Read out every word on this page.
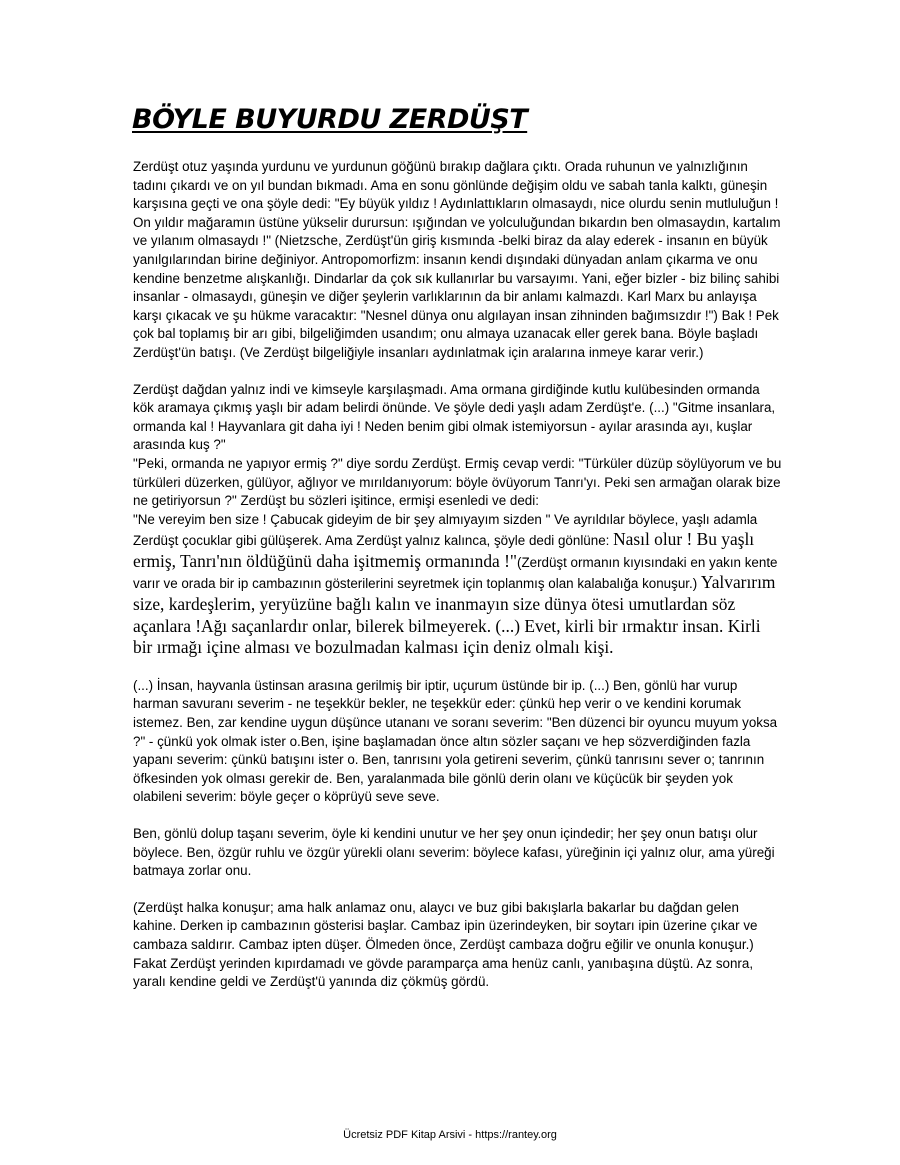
BÖYLE BUYURDU ZERDÜŞT

Zerdüşt otuz yaşında yurdunu ve yurdunun göğünü bırakıp dağlara çıktı. Orada ruhunun ve yalnızlığının tadını çıkardı ve on yıl bundan bıkmadı. Ama en sonu gönlünde değişim oldu ve sabah tanla kalktı, güneşin karşısına geçti ve ona şöyle dedi: "Ey büyük yıldız ! Aydınlattıkların olmasaydı, nice olurdu senin mutluluğun ! On yıldır mağaramın üstüne yükselir durursun: ışığından ve yolculuğundan bıkardın ben olmasaydın, kartalım ve yılanım olmasaydı !" (Nietzsche, Zerdüşt'ün giriş kısmında -belki biraz da alay ederek - insanın en büyük yanılgılarından birine değiniyor. Antropomorfizm: insanın kendi dışındaki dünyadan anlam çıkarma ve onu kendine benzetme alışkanlığı. Dindarlar da çok sık kullanırlar bu varsayımı. Yani, eğer bizler - biz bilinç sahibi insanlar - olmasaydı, güneşin ve diğer şeylerin varlıklarının da bir anlamı kalmazdı. Karl Marx bu anlayışa karşı çıkacak ve şu hükme varacaktır: "Nesnel dünya onu algılayan insan zihninden bağımsızdır !") Bak ! Pek çok bal toplamış bir arı gibi, bilgeliğimden usandım; onu almaya uzanacak eller gerek bana. Böyle başladı Zerdüşt'ün batışı. (Ve Zerdüşt bilgeliğiyle insanları aydınlatmak için aralarına inmeye karar verir.)

Zerdüşt dağdan yalnız indi ve kimseyle karşılaşmadı. Ama ormana girdiğinde kutlu kulübesinden ormanda kök aramaya çıkmış yaşlı bir adam belirdi önünde. Ve şöyle dedi yaşlı adam Zerdüşt'e. (...) "Gitme insanlara, ormanda kal ! Hayvanlara git daha iyi ! Neden benim gibi olmak istemiyorsun - ayılar arasında ayı, kuşlar arasında kuş ?"

"Peki, ormanda ne yapıyor ermiş ?" diye sordu Zerdüşt. Ermiş cevap verdi: "Türküler düzüp söylüyorum ve bu türküleri düzerken, gülüyor, ağlıyor ve mırıldanıyorum: böyle övüyorum Tanrı'yı. Peki sen armağan olarak bize ne getiriyorsun ?" Zerdüşt bu sözleri işitince, ermişi esenledi ve dedi:

"Ne vereyim ben size ! Çabucak gideyim de bir şey almıyayım sizden " Ve ayrıldılar böylece, yaşlı adamla Zerdüşt çocuklar gibi gülüşerek. Ama Zerdüşt yalnız kalınca, şöyle dedi gönlüne: Nasıl olur ! Bu yaşlı ermiş, Tanrı'nın öldüğünü daha işitmemiş ormanında !"(Zerdüşt ormanın kıyısındaki en yakın kente varır ve orada bir ip cambazının gösterilerini seyretmek için toplanmış olan kalabalığa konuşur.) Yalvarırım size, kardeşlerim, yeryüzüne bağlı kalın ve inanmayın size dünya ötesi umutlardan söz açanlara !Ağı saçanlardır onlar, bilerek bilmeyerek. (...) Evet, kirli bir ırmaktır insan. Kirli bir ırmağı içine alması ve bozulmadan kalması için deniz olmalı kişi.

(...) İnsan, hayvanla üstinsan arasına gerilmiş bir iptir, uçurum üstünde bir ip. (...) Ben, gönlü har vurup harman savuranı severim - ne teşekkür bekler, ne teşekkür eder: çünkü hep verir o ve kendini korumak istemez. Ben, zar kendine uygun düşünce utananı ve soranı severim: "Ben düzenci bir oyuncu muyum yoksa ?" - çünkü yok olmak ister o.Ben, işine başlamadan önce altın sözler saçanı ve hep sözverdiğinden fazla yapanı severim: çünkü batışını ister o. Ben, tanrısını yola getireni severim, çünkü tanrısını sever o; tanrının öfkesinden yok olması gerekir de. Ben, yaralanmada bile gönlü derin olanı ve küçücük bir şeyden yok olabileni severim: böyle geçer o köprüyü seve seve.

Ben, gönlü dolup taşanı severim, öyle ki kendini unutur ve her şey onun içindedir; her şey onun batışı olur böylece. Ben, özgür ruhlu ve özgür yürekli olanı severim: böylece kafası, yüreğinin içi yalnız olur, ama yüreği batmaya zorlar onu.

(Zerdüşt halka konuşur; ama halk anlamaz onu, alaycı ve buz gibi bakışlarla bakarlar bu dağdan gelen kahine. Derken ip cambazının gösterisi başlar. Cambaz ipin üzerindeyken, bir soytarı ipin üzerine çıkar ve cambaza saldırır. Cambaz ipten düşer. Ölmeden önce, Zerdüşt cambaza doğru eğilir ve onunla konuşur.) Fakat Zerdüşt yerinden kıpırdamadı ve gövde paramparça ama henüz canlı, yanıbaşına düştü. Az sonra, yaralı kendine geldi ve Zerdüşt'ü yanında diz çökmüş gördü.

Ücretsiz PDF Kitap Arsivi - https://rantey.org
